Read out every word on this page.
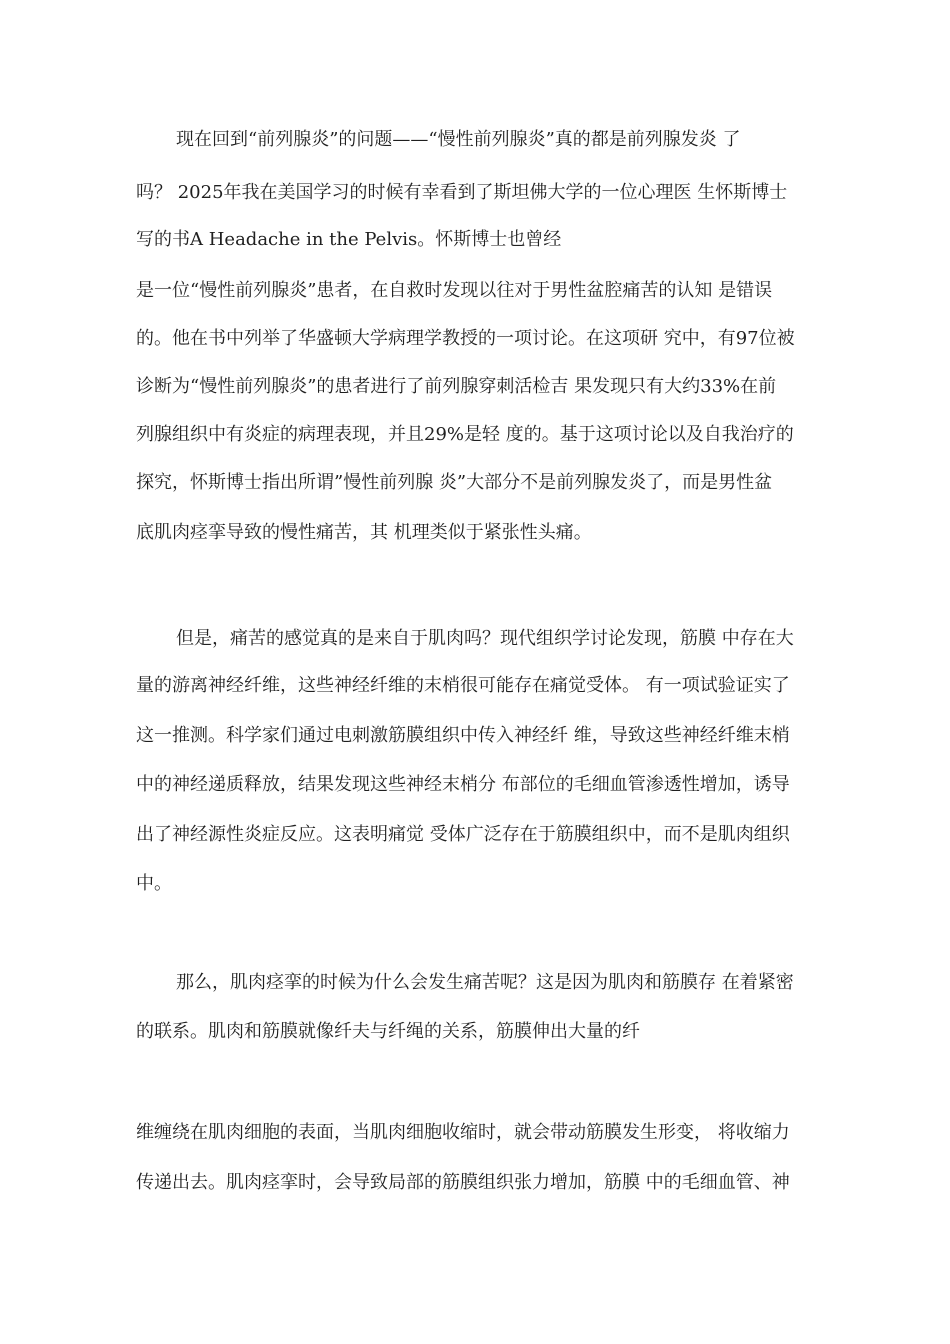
现在回到“前列腺炎”的问题——“慢性前列腺炎”真的都是前列腺发炎 了
吗？ 2025年我在美国学习的时候有幸看到了斯坦佛大学的一位心理医 生怀斯博士
写的书A Headache in the Pelvis。怀斯博士也曾经
是一位“慢性前列腺炎”患者，在自救时发现以往对于男性盆腔痛苦的认知 是错误
的。他在书中列举了华盛顿大学病理学教授的一项讨论。在这项研 究中，有97位被
诊断为“慢性前列腺炎”的患者进行了前列腺穿刺活检吉 果发现只有大约33%在前
列腺组织中有炎症的病理表现，并且29%是轻 度的。基于这项讨论以及自我治疗的
探究，怀斯博士指出所谓”慢性前列腺 炎”大部分不是前列腺发炎了，而是男性盆
底肌肉痉挛导致的慢性痛苦，其 机理类似于紧张性头痛。
但是，痛苦的感觉真的是来自于肌肉吗？现代组织学讨论发现，筋膜 中存在大
量的游离神经纤维，这些神经纤维的末梢很可能存在痛觉受体。 有一项试验证实了
这一推测。科学家们通过电刺激筋膜组织中传入神经纤 维，导致这些神经纤维末梢
中的神经递质释放，结果发现这些神经末梢分 布部位的毛细血管渗透性增加，诱导
出了神经源性炎症反应。这表明痛觉 受体广泛存在于筋膜组织中，而不是肌肉组织
中。
那么，肌肉痉挛的时候为什么会发生痛苦呢？这是因为肌肉和筋膜存 在着紧密
的联系。肌肉和筋膜就像纤夫与纤绳的关系，筋膜伸出大量的纤
维缠绕在肌肉细胞的表面，当肌肉细胞收缩时，就会带动筋膜发生形变， 将收缩力
传递出去。肌肉痉挛时，会导致局部的筋膜组织张力增加，筋膜 中的毛细血管、神
